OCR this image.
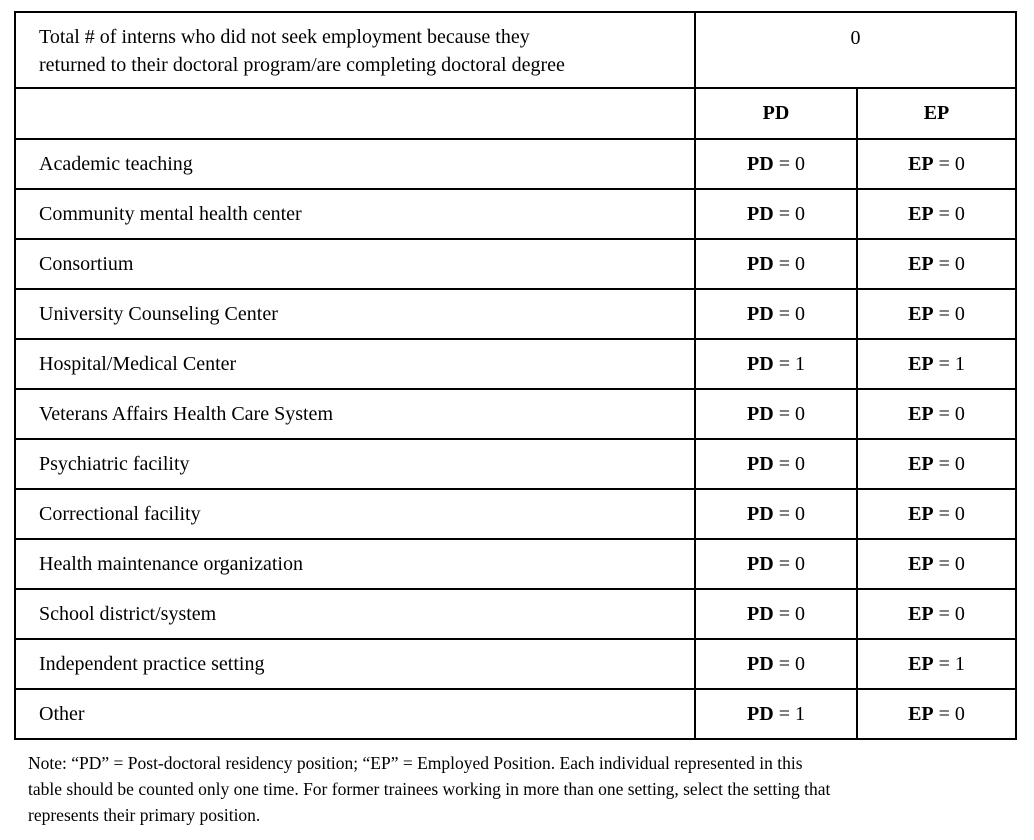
Total # of interns who did not seek employment because they
returned to their doctoral program/are completing doctoral degree	0	
	PD	EP
Academic teaching	PD = 0	EP = 0
Community mental health center	PD = 0	EP = 0
Consortium	PD = 0	EP = 0
University Counseling Center	PD = 0	EP = 0
Hospital/Medical Center	PD = 1	EP = 1
Veterans Affairs Health Care System	PD = 0	EP = 0
Psychiatric facility	PD = 0	EP = 0
Correctional facility	PD = 0	EP = 0
Health maintenance organization	PD = 0	EP = 0
School district/system	PD = 0	EP = 0
Independent practice setting	PD = 0	EP = 1
Other	PD = 1	EP = 0
Note: “PD” = Post-doctoral residency position; “EP” = Employed Position. Each individual represented in this
table should be counted only one time. For former trainees working in more than one setting, select the setting that
represents their primary position.
